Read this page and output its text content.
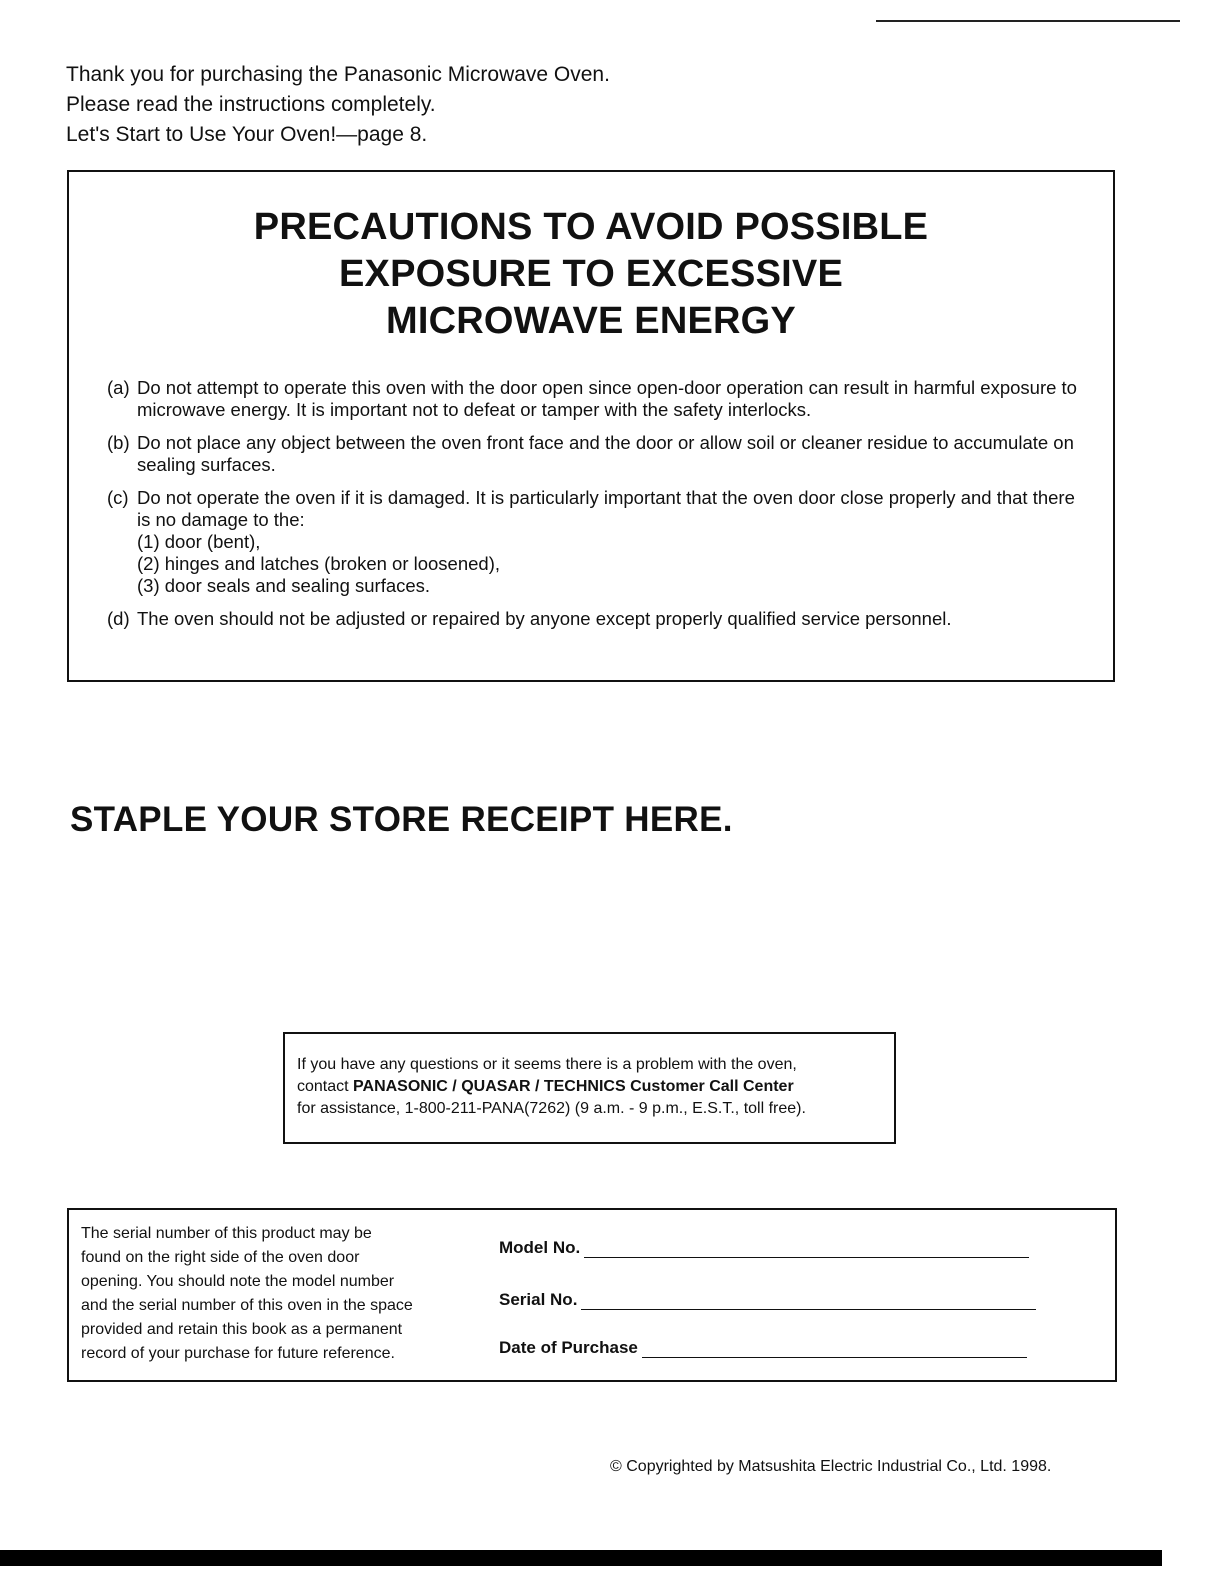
Thank you for purchasing the Panasonic Microwave Oven.
Please read the instructions completely.
Let's Start to Use Your Oven!—page 8.
PRECAUTIONS TO AVOID POSSIBLE
EXPOSURE TO EXCESSIVE
MICROWAVE ENERGY
(a) Do not attempt to operate this oven with the door open since open-door operation can result in harmful exposure to microwave energy. It is important not to defeat or tamper with the safety interlocks.
(b) Do not place any object between the oven front face and the door or allow soil or cleaner residue to accumulate on sealing surfaces.
(c) Do not operate the oven if it is damaged. It is particularly important that the oven door close properly and that there is no damage to the:
(1) door (bent),
(2) hinges and latches (broken or loosened),
(3) door seals and sealing surfaces.
(d) The oven should not be adjusted or repaired by anyone except properly qualified service personnel.
STAPLE YOUR STORE RECEIPT HERE.
If you have any questions or it seems there is a problem with the oven,
contact PANASONIC / QUASAR / TECHNICS Customer Call Center
for assistance, 1-800-211-PANA(7262) (9 a.m. - 9 p.m., E.S.T., toll free).
The serial number of this product may be
found on the right side of the oven door
opening. You should note the model number
and the serial number of this oven in the space
provided and retain this book as a permanent
record of your purchase for future reference.
Model No.
Serial No.
Date of Purchase
© Copyrighted by Matsushita Electric Industrial Co., Ltd. 1998.
